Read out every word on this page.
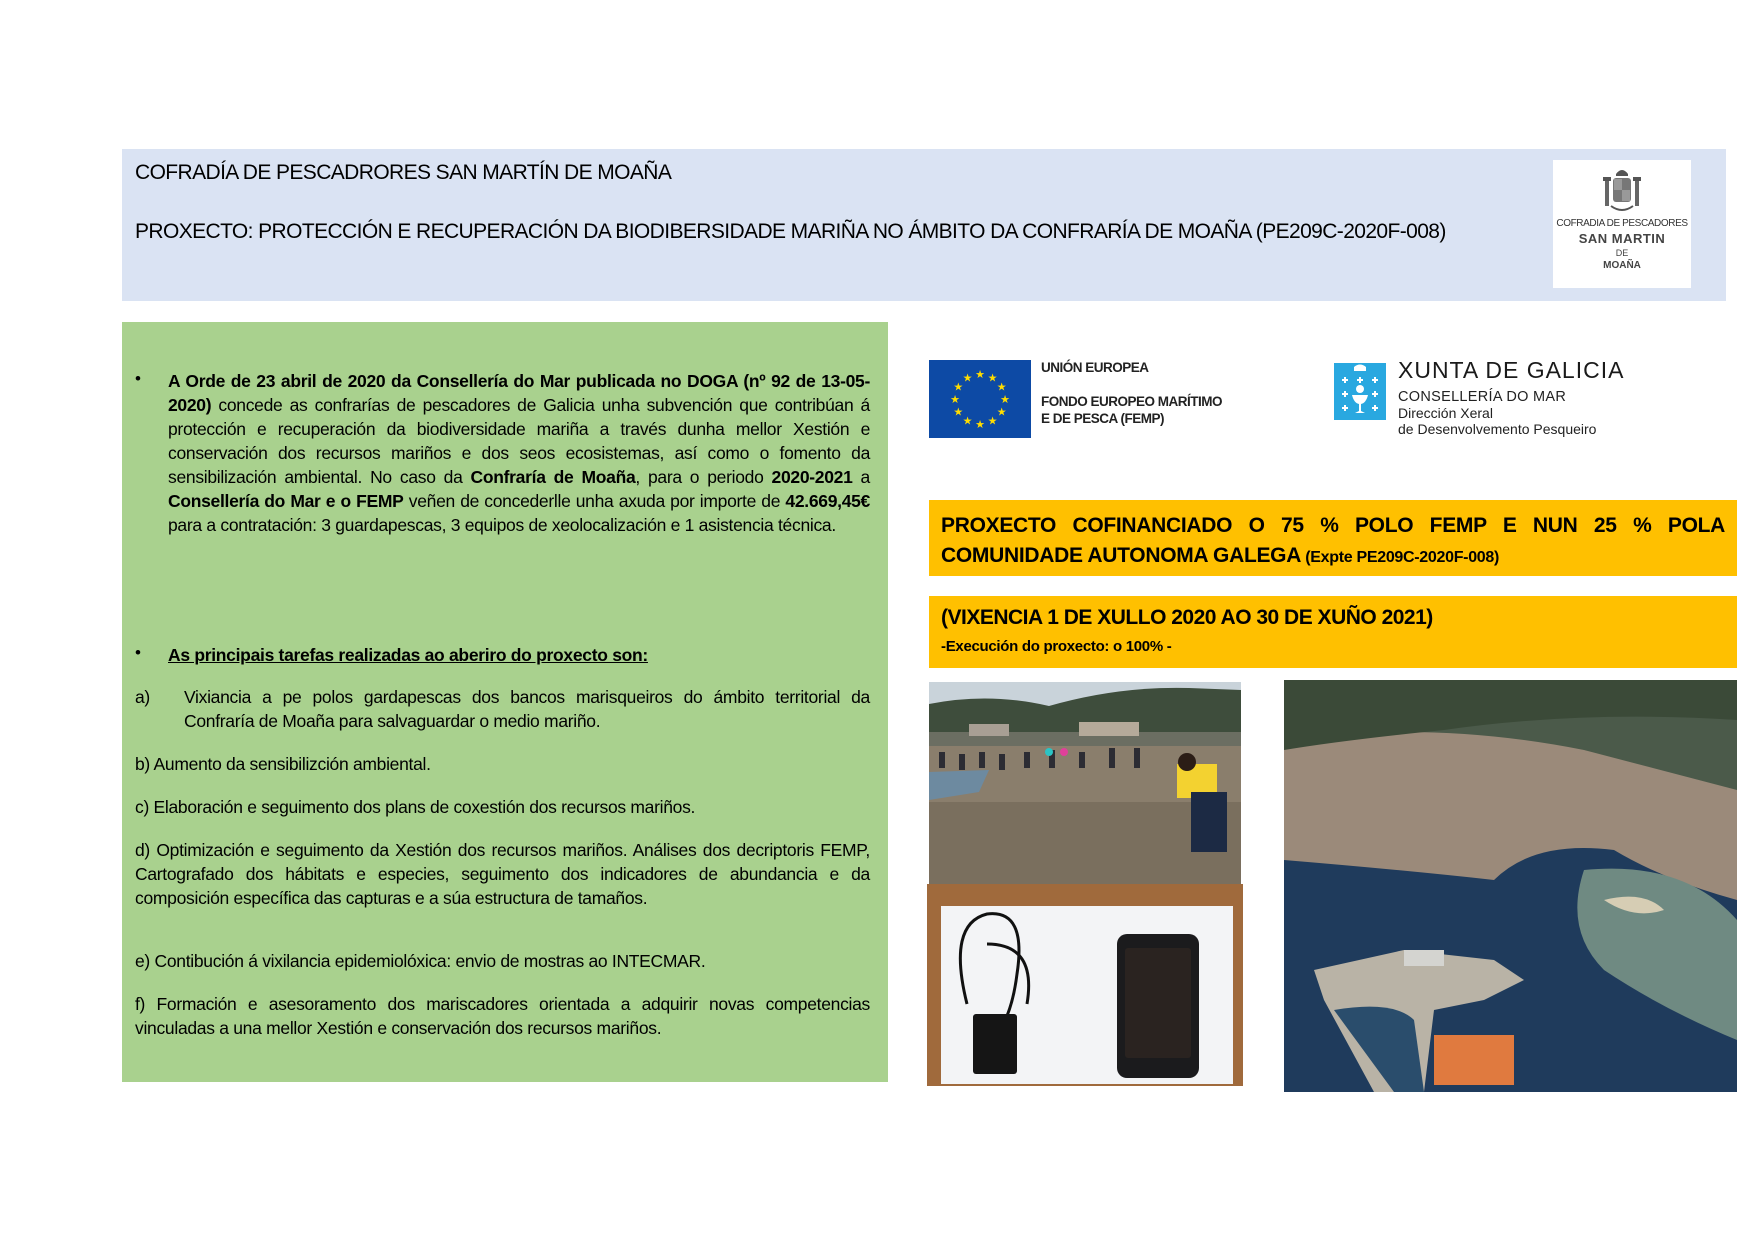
COFRADÍA DE PESCADRORES SAN MARTÍN DE MOAÑA
PROXECTO: PROTECCIÓN E RECUPERACIÓN DA BIODIBERSIDADE MARIÑA NO ÁMBITO DA CONFRARÍA DE MOAÑA (PE209C-2020F-008)	COFRADIA DE PESCADORES
SAN MARTIN
DE
MOAÑA
• A Orde de 23 abril de 2020 da Consellería do Mar publicada no DOGA (nº 92 de 13-05-2020) concede as confrarías de pescadores de Galicia unha subvención que contribúan á protección e recuperación da biodiversidade mariña a través dunha mellor Xestión e conservación dos recursos mariños e dos seos ecosistemas, así como o fomento da sensibilización ambiental. No caso da Confraría de Moaña, para o periodo 2020-2021 a Consellería do Mar e o FEMP veñen de concederlle unha axuda por importe de 42.669,45€ para a contratación: 3 guardapescas, 3 equipos de xeolocalización e 1 asistencia técnica.
• As principais tarefas realizadas ao aberiro do proxecto son:
a) Vixiancia a pe polos gardapescas dos bancos marisqueiros do ámbito territorial da Confraría de Moaña para salvaguardar o medio mariño.
b) Aumento da sensibilizción ambiental.
c) Elaboración e seguimento dos plans de coxestión dos recursos mariños.
d) Optimización e seguimento da Xestión dos recursos mariños. Análises dos decriptoris FEMP, Cartografado dos hábitats e especies, seguimento dos indicadores de abundancia e da composición específica das capturas e a súa estructura de tamaños.
e) Contibución á vixilancia epidemiolóxica: envio de mostras ao INTECMAR.
f) Formación e asesoramento dos mariscadores orientada a adquirir novas competencias vinculadas a una mellor Xestión e conservación dos recursos mariños.
★ ★
★
★
★
★
★
★
★
★
★
★
UNIÓN EUROPEA
FONDO EUROPEO MARÍTIMO
E DE PESCA (FEMP)
XUNTA DE GALICIA
CONSELLERÍA DO MAR
Dirección Xeral
de Desenvolvemento Pesqueiro
PROXECTO COFINANCIADO O 75 % POLO FEMP E NUN 25 % POLA COMUNIDADE AUTONOMA GALEGA (Expte PE209C-2020F-008)
(VIXENCIA 1 DE XULLO 2020 AO 30 DE XUÑO 2021)
-Execución do proxecto: o 100% -
